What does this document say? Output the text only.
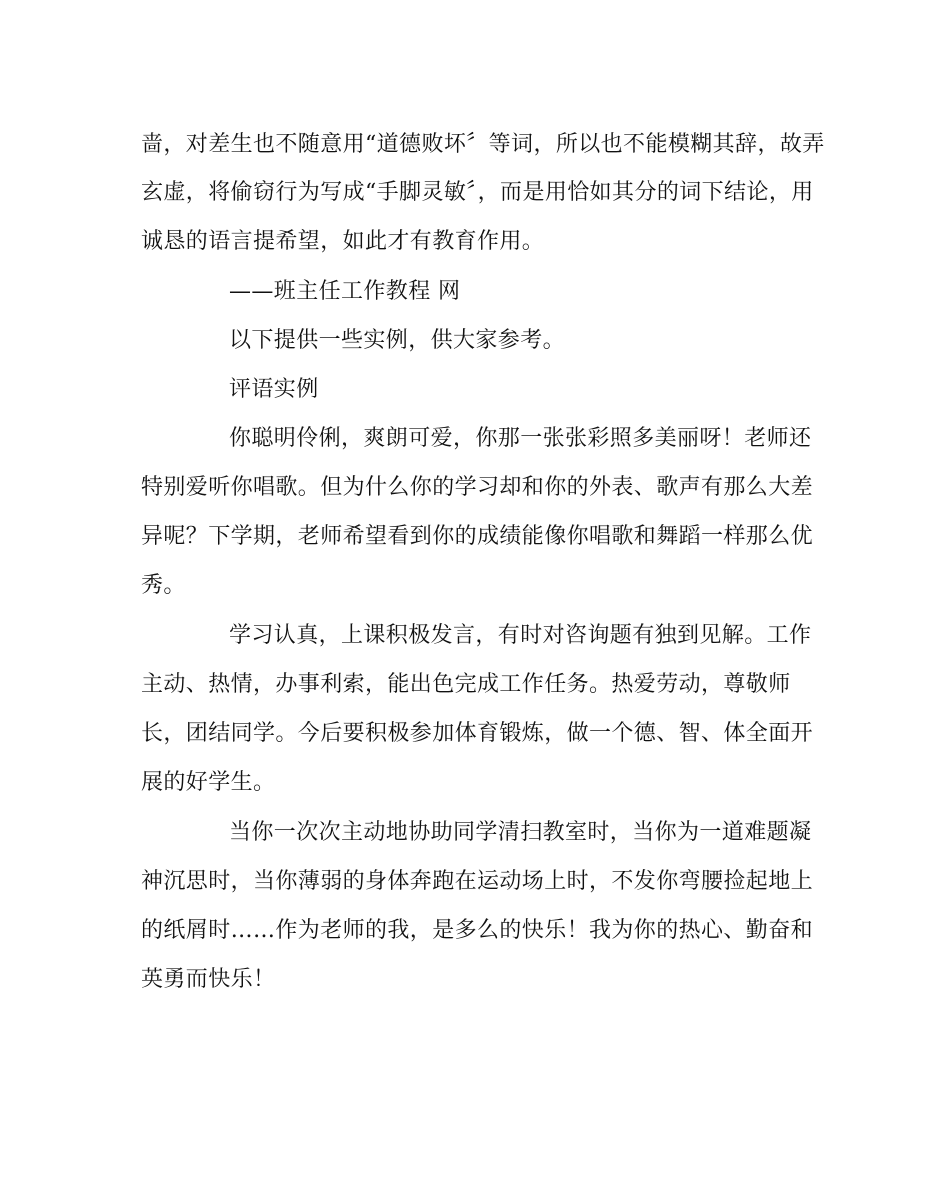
啬，对差生也不随意用“道德败坏〞等词，所以也不能模糊其辞，故弄
玄虚，将偷窃行为写成“手脚灵敏〞，而是用恰如其分的词下结论，用
诚恳的语言提希望，如此才有教育作用。
——班主任工作教程 网
以下提供一些实例，供大家参考。
评语实例
你聪明伶俐，爽朗可爱，你那一张张彩照多美丽呀！老师还
特别爱听你唱歌。但为什么你的学习却和你的外表、歌声有那么大差
异呢？下学期，老师希望看到你的成绩能像你唱歌和舞蹈一样那么优
秀。
学习认真，上课积极发言，有时对咨询题有独到见解。工作
主动、热情，办事利索，能出色完成工作任务。热爱劳动，尊敬师
长，团结同学。今后要积极参加体育锻炼，做一个德、智、体全面开
展的好学生。
当你一次次主动地协助同学清扫教室时，当你为一道难题凝
神沉思时，当你薄弱的身体奔跑在运动场上时，不发你弯腰捡起地上
的纸屑时……作为老师的我，是多么的快乐！我为你的热心、勤奋和
英勇而快乐！
